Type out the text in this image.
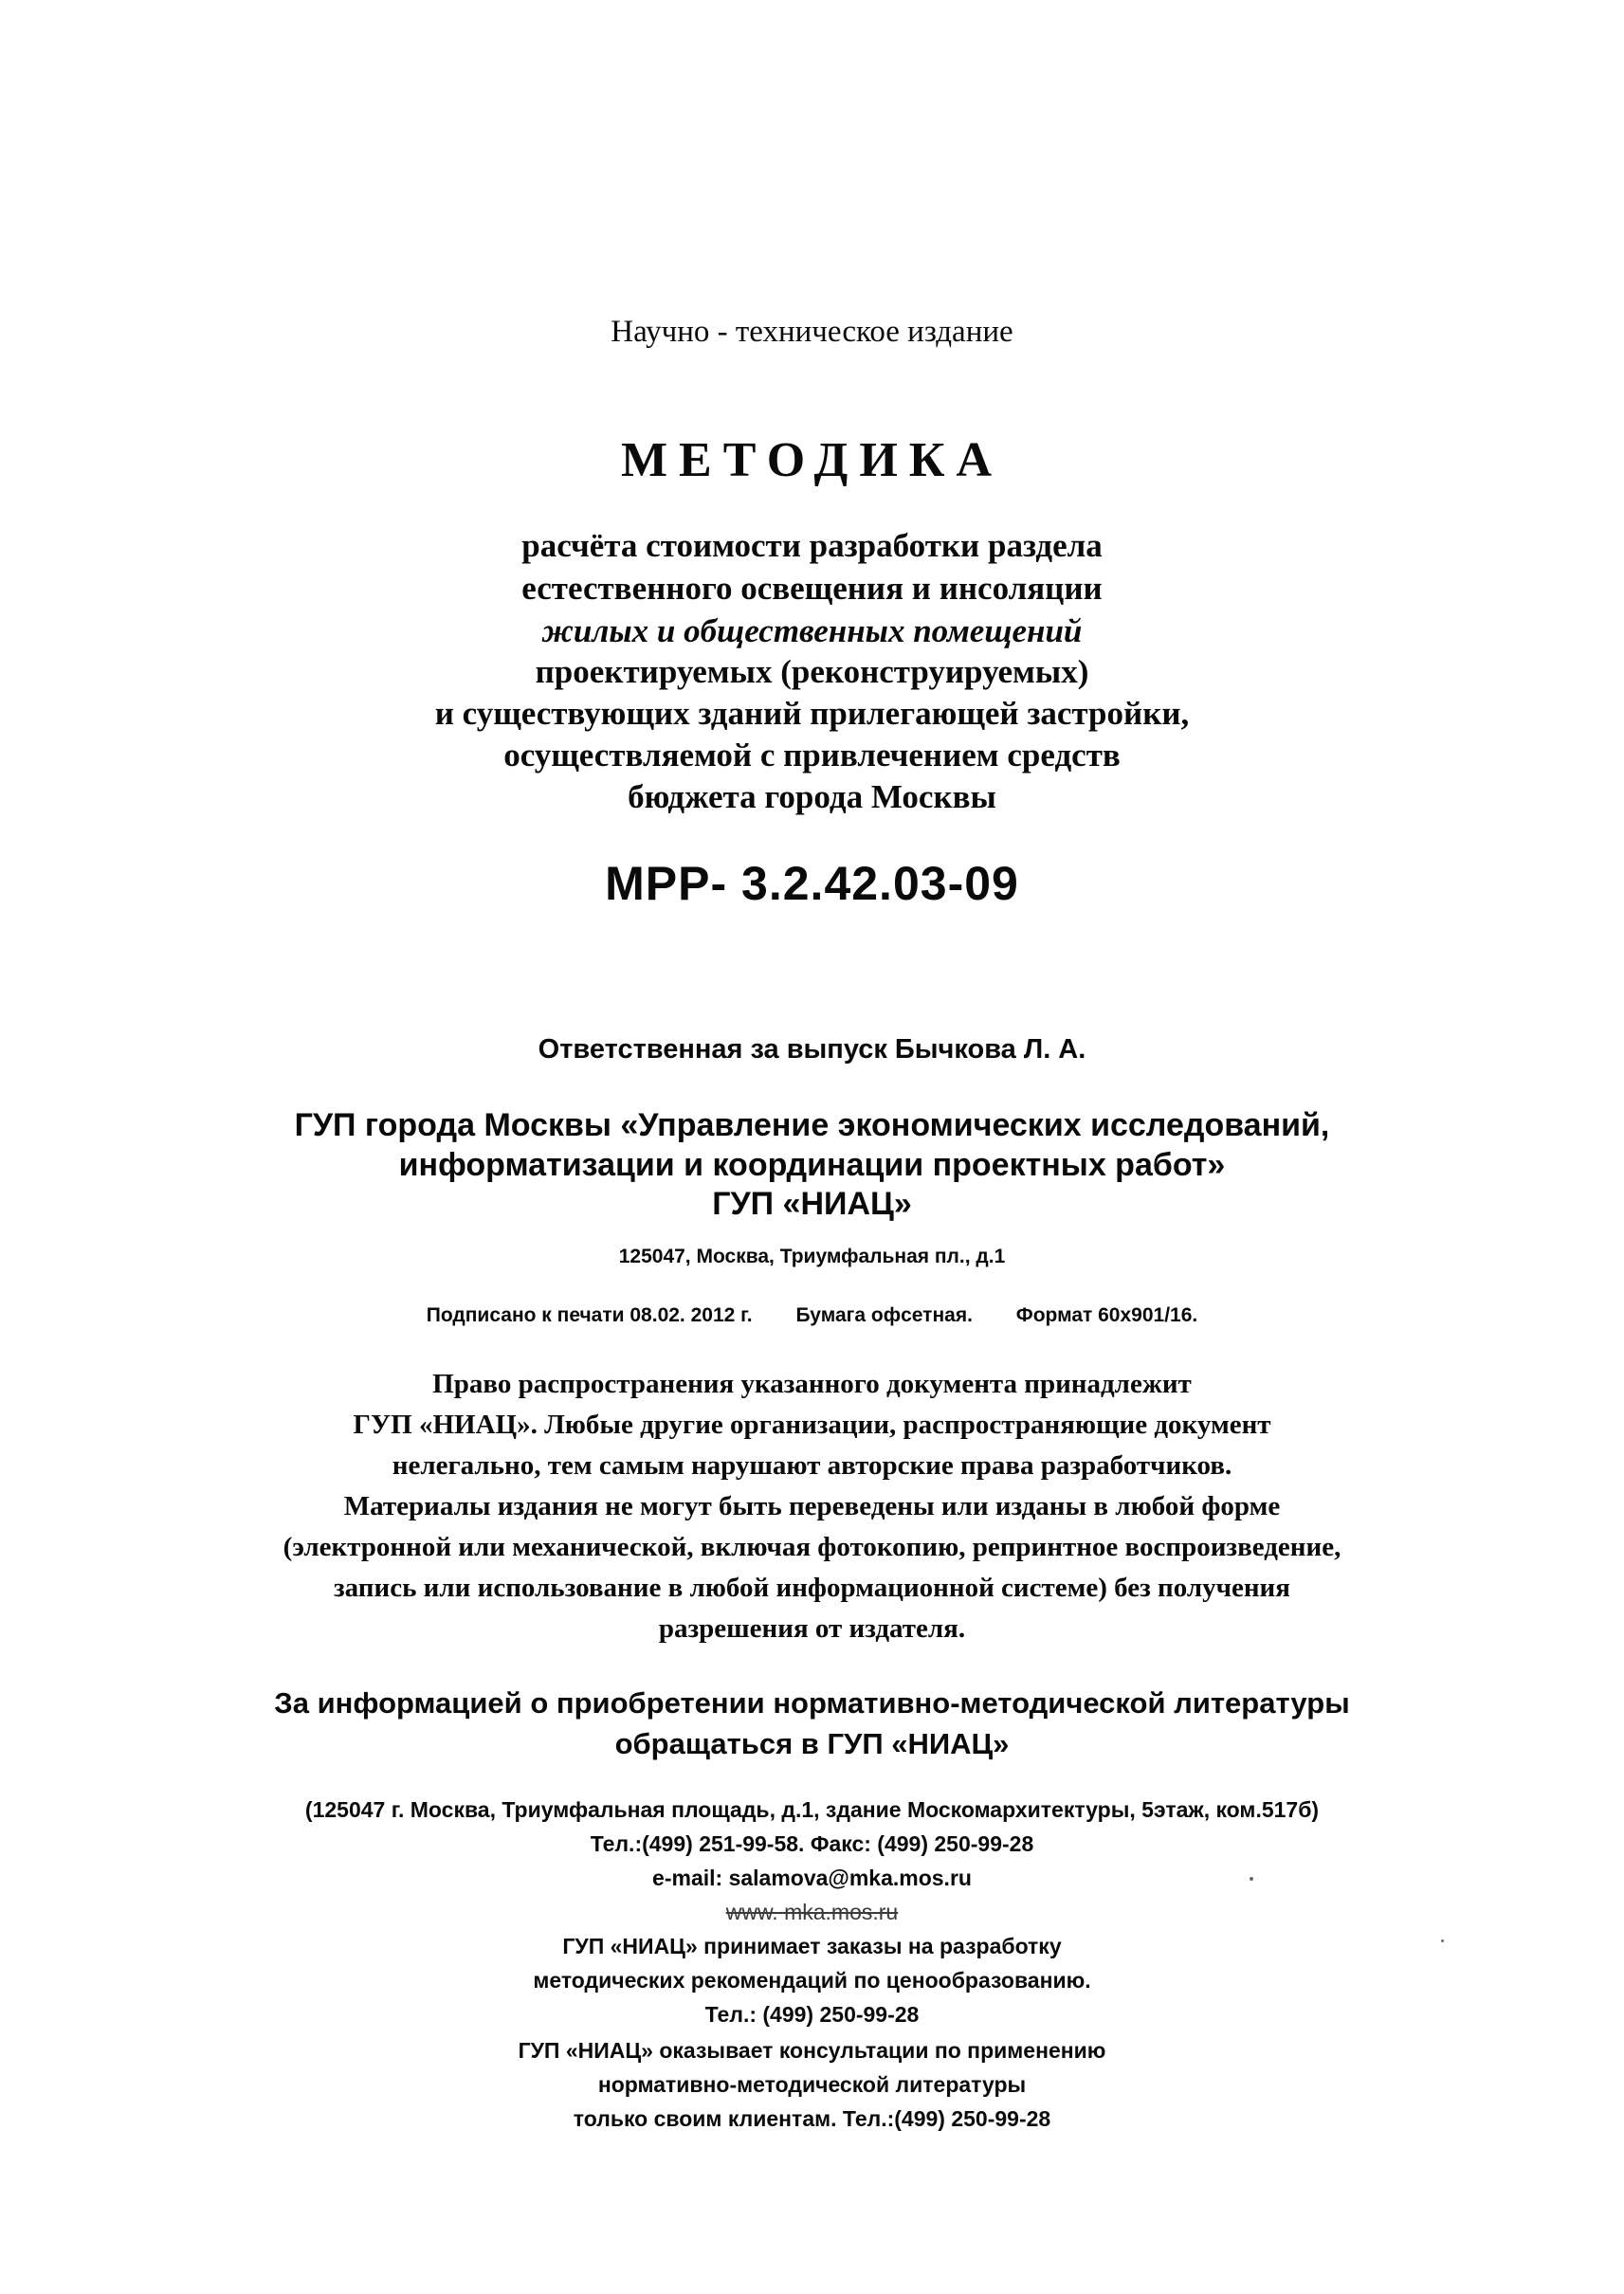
Научно - техническое издание

МЕТОДИКА

расчёта стоимости разработки раздела

естественного освещения и инсоляции

жилых и общественных помещений

проектируемых (реконструируемых)

и существующих зданий прилегающей застройки,

осуществляемой с привлечением средств

бюджета города Москвы

МРР- 3.2.42.03-09

Ответственная за выпуск Бычкова Л. А.

ГУП города Москвы «Управление экономических исследований,

информатизации и координации проектных работ»

ГУП «НИАЦ»

125047, Москва, Триумфальная пл., д.1

Подписано к печати 08.02. 2012 г. Бумага офсетная. Формат 60x901/16.

Право распространения указанного документа принадлежит

ГУП «НИАЦ». Любые другие организации, распространяющие документ

нелегально, тем самым нарушают авторские права разработчиков.

Материалы издания не могут быть переведены или изданы в любой форме

(электронной или механической, включая фотокопию, репринтное воспроизведение,

запись или использование в любой информационной системе) без получения

разрешения от издателя.

За информацией о приобретении нормативно-методической литературы

обращаться в ГУП «НИАЦ»

(125047 г. Москва, Триумфальная площадь, д.1, здание Москомархитектуры, 5этаж, ком.517б)

Тел.:(499) 251-99-58. Факс: (499) 250-99-28

e-mail: salamova@mka.mos.ru

www. mka.mos.ru

ГУП «НИАЦ» принимает заказы на разработку

методических рекомендаций по ценообразованию.

Тел.: (499) 250-99-28

ГУП «НИАЦ» оказывает консультации по применению

нормативно-методической литературы

только своим клиентам. Тел.:(499) 250-99-28
